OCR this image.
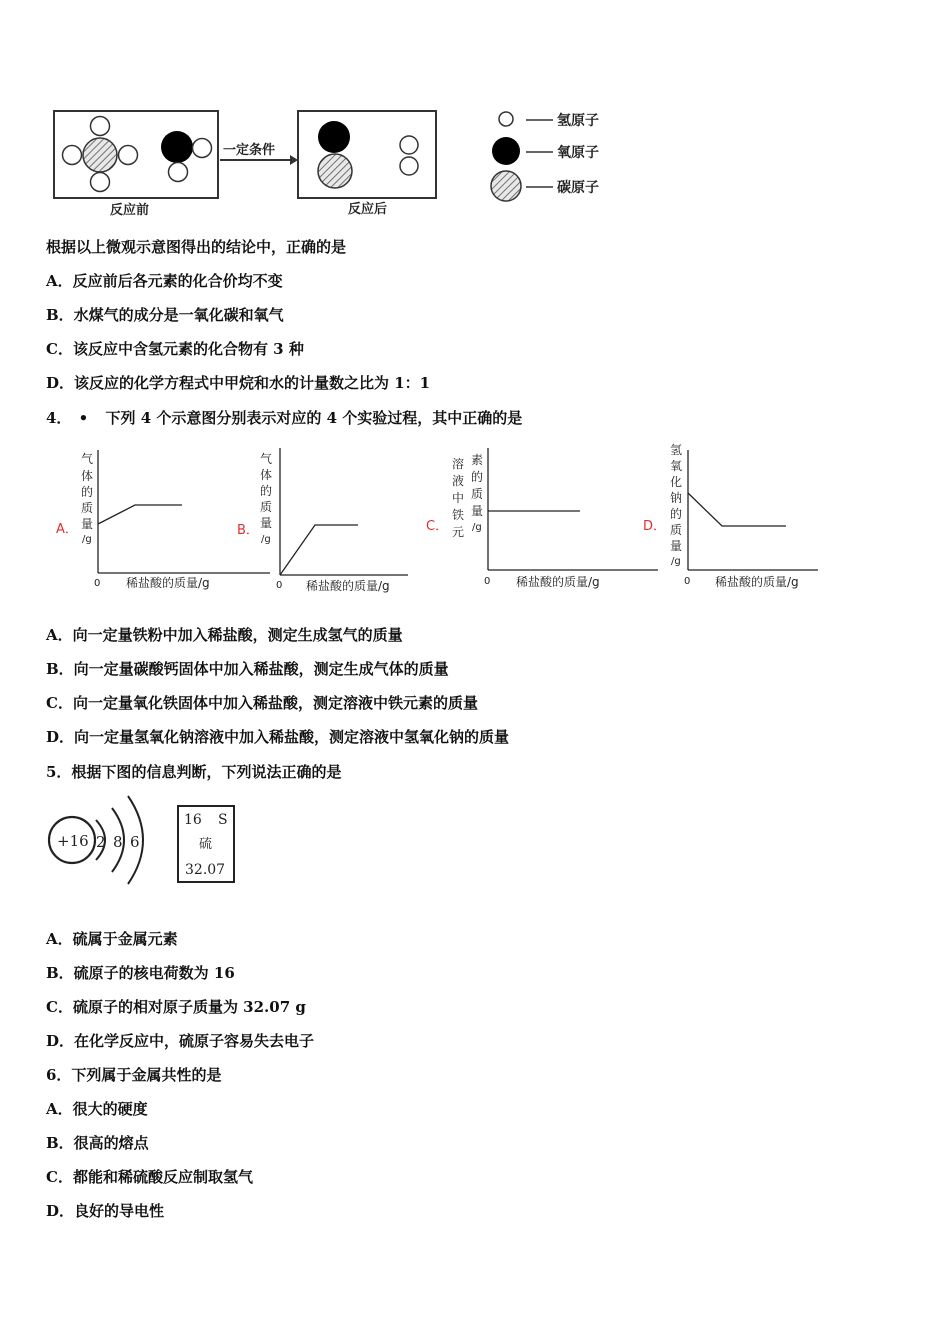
一定条件
反应前	反应后
氢原子
氧原子
碳原子
根据以上微观示意图得出的结论中，正确的是
A．反应前后各元素的化合价均不变
B．水煤气的成分是一氧化碳和氧气
C．该反应中含氢元素的化合物有 3 种
D．该反应的化学方程式中甲烷和水的计量数之比为 1：1
4． • 下列 4 个示意图分别表示对应的 4 个实验过程，其中正确的是
A．
气
体
的
质
量
/g
0 稀盐酸的质量/g
B．
气
体
的
质
量
/g
0 稀盐酸的质量/g
C．
溶
液
中
铁
元
素
的
质
量
/g
0 稀盐酸的质量/g
D．
氢
氧
化
钠
的
质
量
/g
0 稀盐酸的质量/g
A．向一定量铁粉中加入稀盐酸，测定生成氢气的质量
B．向一定量碳酸钙固体中加入稀盐酸，测定生成气体的质量
C．向一定量氧化铁固体中加入稀盐酸，测定溶液中铁元素的质量
D．向一定量氢氧化钠溶液中加入稀盐酸，测定溶液中氢氧化钠的质量
5．根据下图的信息判断，下列说法正确的是
+16 2 8 6
16 S
硫
32.07
A．硫属于金属元素
B．硫原子的核电荷数为 16
C．硫原子的相对原子质量为 32.07 g
D．在化学反应中，硫原子容易失去电子
6．下列属于金属共性的是
A．很大的硬度
B．很高的熔点
C．都能和稀硫酸反应制取氢气
D．良好的导电性
